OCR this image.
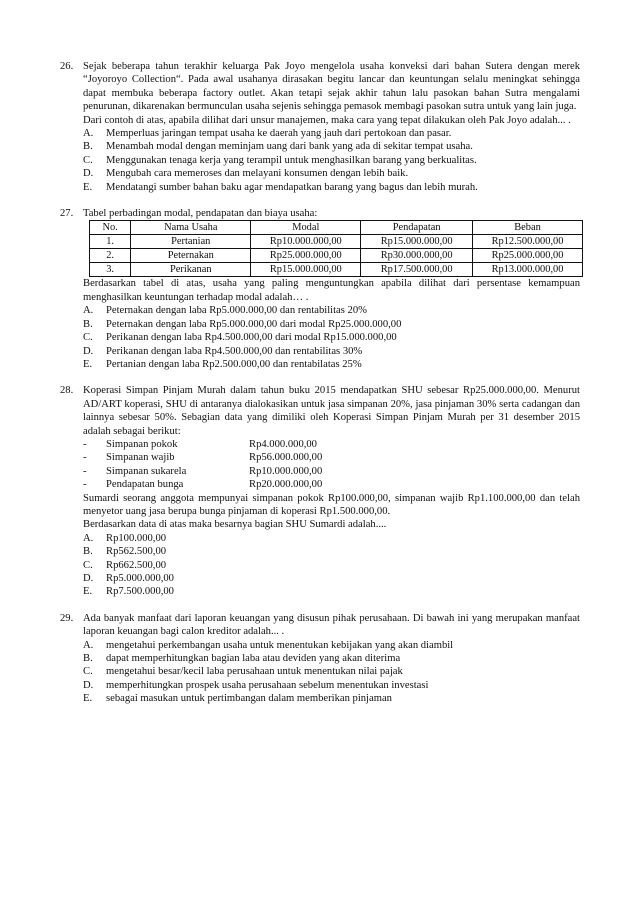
26. Sejak beberapa tahun terakhir keluarga Pak Joyo mengelola usaha konveksi dari bahan Sutera dengan merek “Joyoroyo Collection“. Pada awal usahanya dirasakan begitu lancar dan keuntungan selalu meningkat sehingga dapat membuka beberapa factory outlet. Akan tetapi sejak akhir tahun lalu pasokan bahan Sutra mengalami penurunan, dikarenakan bermunculan usaha sejenis sehingga pemasok membagi pasokan sutra untuk yang lain juga.
Dari contoh di atas, apabila dilihat dari unsur manajemen, maka cara yang tepat dilakukan oleh Pak Joyo adalah... .
A. Memperluas jaringan tempat usaha ke daerah yang jauh dari pertokoan dan pasar.
B. Menambah modal dengan meminjam uang dari bank yang ada di sekitar tempat usaha.
C. Menggunakan tenaga kerja yang terampil untuk menghasilkan barang yang berkualitas.
D. Mengubah cara memeroses dan melayani konsumen dengan lebih baik.
E. Mendatangi sumber bahan baku agar mendapatkan barang yang bagus dan lebih murah.
27. Tabel perbadingan modal, pendapatan dan biaya usaha:
No.	Nama Usaha	Modal	Pendapatan	Beban
1.	Pertanian	Rp10.000.000,00	Rp15.000.000,00	Rp12.500.000,00
2.	Peternakan	Rp25.000.000,00	Rp30.000.000,00	Rp25.000.000,00
3.	Perikanan	Rp15.000.000,00	Rp17.500.000,00	Rp13.000.000,00
Berdasarkan tabel di atas, usaha yang paling menguntungkan apabila dilihat dari persentase kemampuan menghasilkan keuntungan terhadap modal adalah… .
A. Peternakan dengan laba Rp5.000.000,00 dan rentabilitas 20%
B. Peternakan dengan laba Rp5.000.000,00 dari modal Rp25.000.000,00
C. Perikanan dengan laba Rp4.500.000,00 dari modal Rp15.000.000,00
D. Perikanan dengan laba Rp4.500.000,00 dan rentabilitas 30%
E. Pertanian dengan laba Rp2.500.000,00 dan rentabilatas 25%
28. Koperasi Simpan Pinjam Murah dalam tahun buku 2015 mendapatkan SHU sebesar Rp25.000.000,00. Menurut AD/ART koperasi, SHU di antaranya dialokasikan untuk jasa simpanan 20%, jasa pinjaman 30% serta cadangan dan lainnya sebesar 50%. Sebagian data yang dimiliki oleh Koperasi Simpan Pinjam Murah per 31 desember 2015 adalah sebagai berikut:
-	Simpanan pokok	Rp4.000.000,00
-	Simpanan wajib	Rp56.000.000,00
-	Simpanan sukarela	Rp10.000.000,00
-	Pendapatan bunga	Rp20.000.000,00
Sumardi seorang anggota mempunyai simpanan pokok Rp100.000,00, simpanan wajib Rp1.100.000,00 dan telah menyetor uang jasa berupa bunga pinjaman di koperasi Rp1.500.000,00.
Berdasarkan data di atas maka besarnya bagian SHU Sumardi adalah....
A. Rp100.000,00
B. Rp562.500,00
C. Rp662.500,00
D. Rp5.000.000,00
E. Rp7.500.000,00
29. Ada banyak manfaat dari laporan keuangan yang disusun pihak perusahaan. Di bawah ini yang merupakan manfaat laporan keuangan bagi calon kreditor adalah... .
A. mengetahui perkembangan usaha untuk menentukan kebijakan yang akan diambil
B. dapat memperhitungkan bagian laba atau deviden yang akan diterima
C. mengetahui besar/kecil laba perusahaan untuk menentukan nilai pajak
D. memperhitungkan prospek usaha perusahaan sebelum menentukan investasi
E. sebagai masukan untuk pertimbangan dalam memberikan pinjaman
